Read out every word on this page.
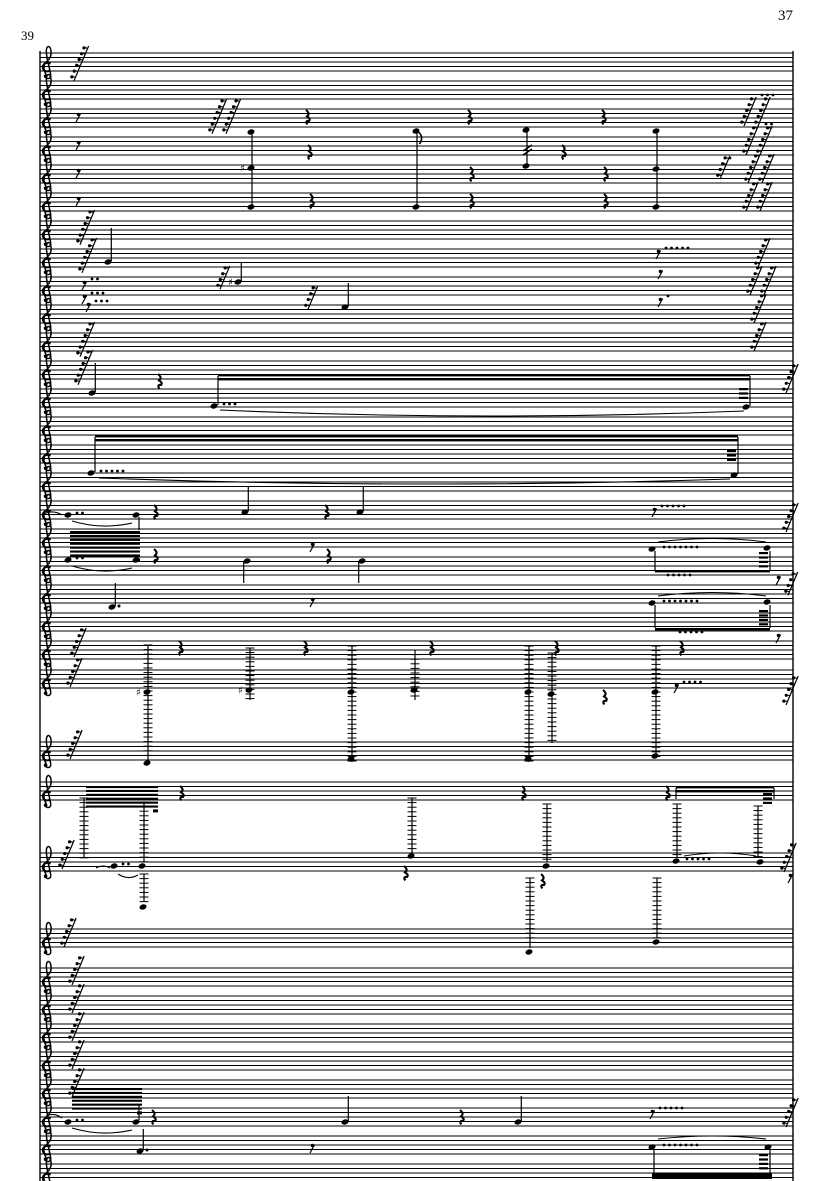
39
37
♯
♯
♯	♯
